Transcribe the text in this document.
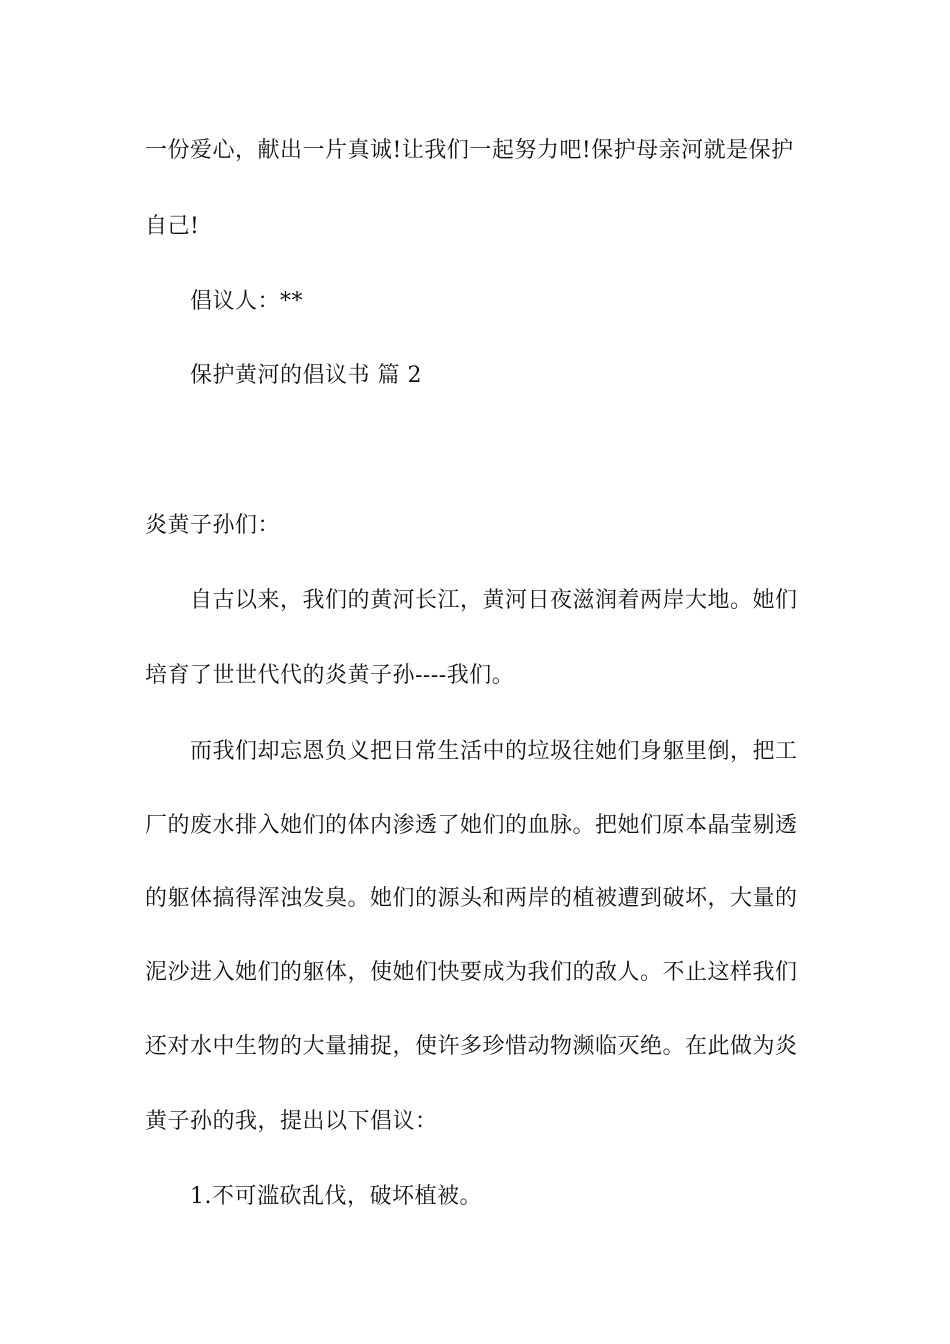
一份爱心，献出一片真诚!让我们一起努力吧!保护母亲河就是保护
自己!
倡议人：**
保护黄河的倡议书 篇 2
炎黄子孙们：
自古以来，我们的黄河长江，黄河日夜滋润着两岸大地。她们
培育了世世代代的炎黄子孙----我们。
而我们却忘恩负义把日常生活中的垃圾往她们身躯里倒，把工
厂的废水排入她们的体内渗透了她们的血脉。把她们原本晶莹剔透
的躯体搞得浑浊发臭。她们的源头和两岸的植被遭到破坏，大量的
泥沙进入她们的躯体，使她们快要成为我们的敌人。不止这样我们
还对水中生物的大量捕捉，使许多珍惜动物濒临灭绝。在此做为炎
黄子孙的我，提出以下倡议：
1.不可滥砍乱伐，破坏植被。
